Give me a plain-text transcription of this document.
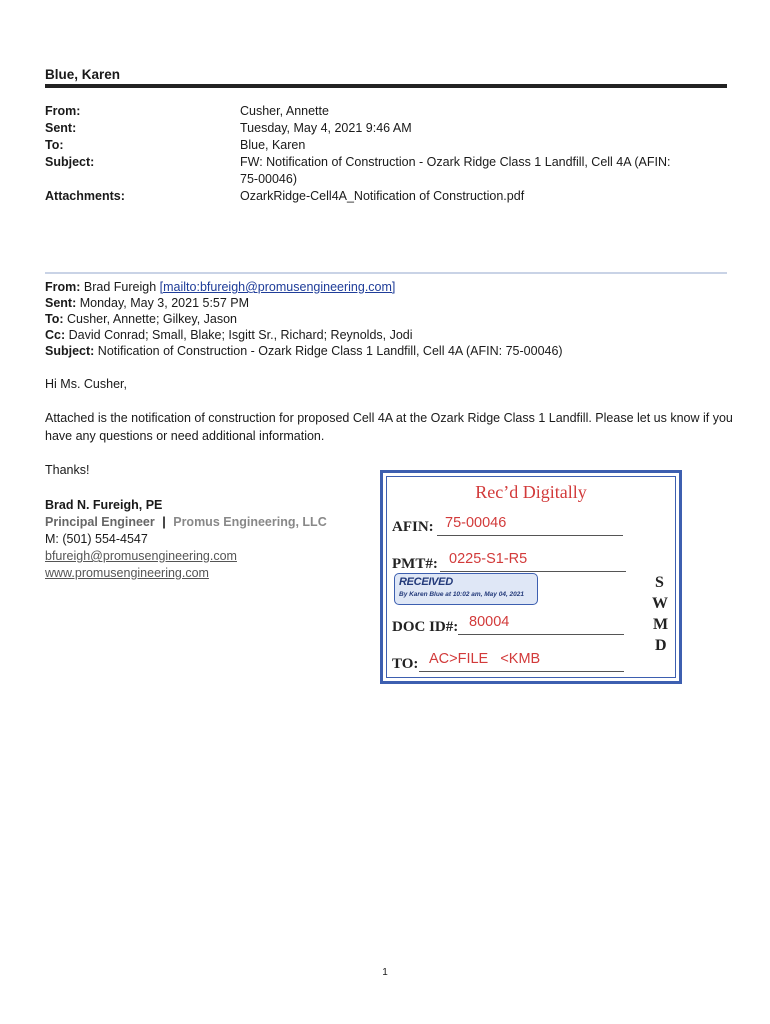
Blue, Karen
From:	Cusher, Annette
Sent:	Tuesday, May 4, 2021 9:46 AM
To:	Blue, Karen
Subject:	FW: Notification of Construction - Ozark Ridge Class 1 Landfill, Cell 4A (AFIN:
75-00046)
Attachments:	OzarkRidge-Cell4A_Notification of Construction.pdf
From: Brad Fureigh [mailto:bfureigh@promusengineering.com]
Sent: Monday, May 3, 2021 5:57 PM
To: Cusher, Annette; Gilkey, Jason
Cc: David Conrad; Small, Blake; Isgitt Sr., Richard; Reynolds, Jodi
Subject: Notification of Construction - Ozark Ridge Class 1 Landfill, Cell 4A (AFIN: 75-00046)
Hi Ms. Cusher,
Attached is the notification of construction for proposed Cell 4A at the Ozark Ridge Class 1 Landfill. Please let us know if you have any questions or need additional information.
Thanks!
Brad N. Fureigh, PE
Principal Engineer | Promus Engineering, LLC
M: (501) 554-4547
bfureigh@promusengineering.com
www.promusengineering.com
Rec’d Digitally
AFIN: 75-00046
PMT#: 0225-S1-R5
RECEIVED
By Karen Blue at 10:02 am, May 04, 2021
DOC ID#: 80004
TO: AC>FILE   <KMB
S
W
M
D
1
